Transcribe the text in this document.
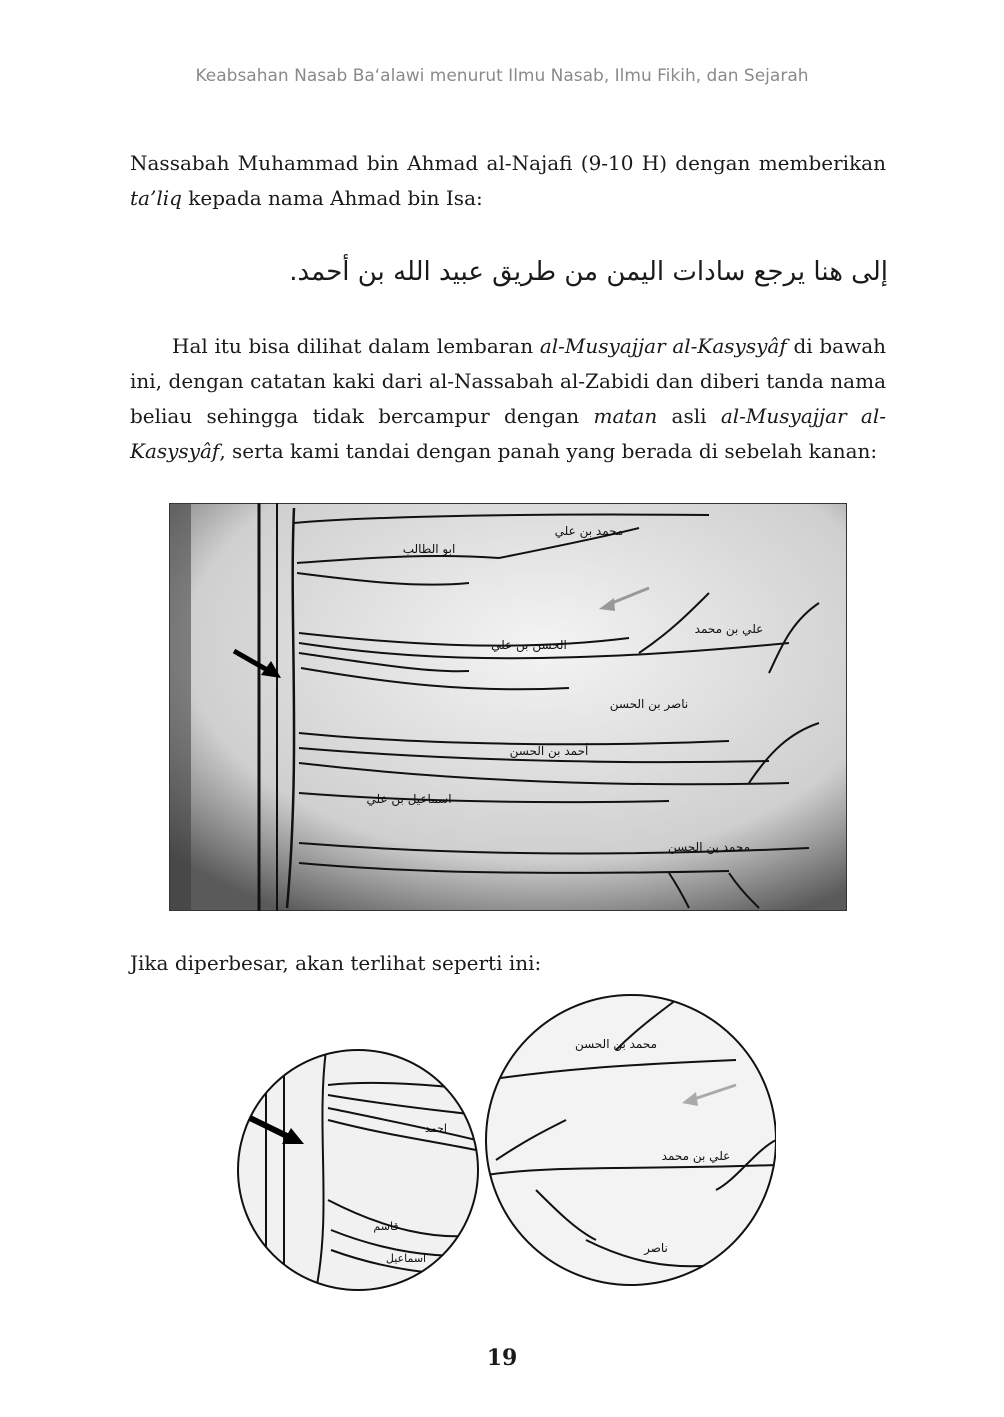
Keabsahan Nasab Ba‘alawi menurut Ilmu Nasab, Ilmu Fikih, dan Sejarah

Nassabah Muhammad bin Ahmad al-Najafi (9-10 H) dengan memberikan ta’liq kepada nama Ahmad bin Isa:

إلى هنا يرجع سادات اليمن من طريق عبيد الله بن أحمد.

Hal itu bisa dilihat dalam lembaran al-Musyajjar al-Kasysyâf di bawah ini, dengan catatan kaki dari al-Nassabah al-Zabidi dan diberi tanda nama beliau sehingga tidak bercampur dengan matan asli al-Musyajjar al-Kasysyâf, serta kami tandai dengan panah yang berada di sebelah kanan:

محمد بن علي
ابو الطالب
الحسن بن علي
علي بن محمد
ناصر بن الحسن
أحمد بن الحسن
اسماعيل بن علي
محمد بن الحسن

Jika diperbesar, akan terlihat seperti ini:

احمد
قاسم
اسماعيل
محمد بن الحسن
علي بن محمد
ناصر
19
